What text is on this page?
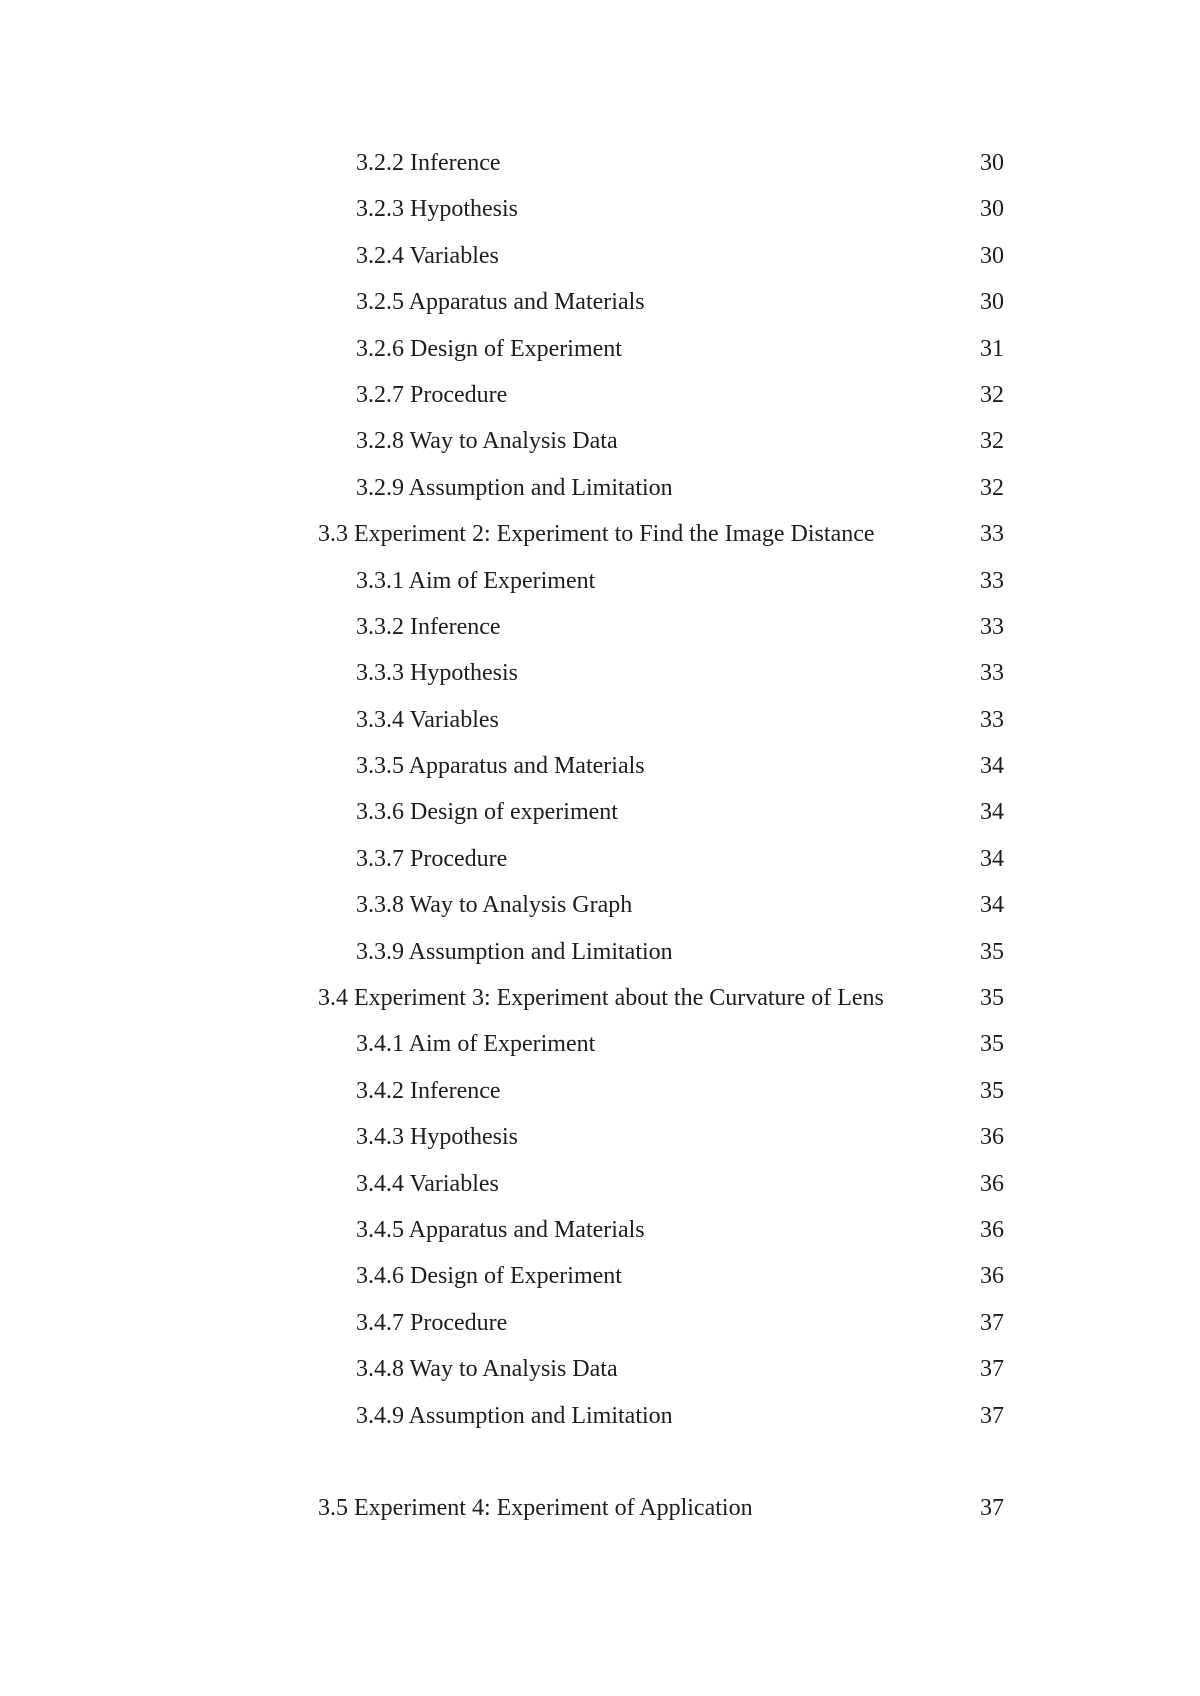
3.2.2 Inference	30
3.2.3 Hypothesis	30
3.2.4 Variables	30
3.2.5 Apparatus and Materials	30
3.2.6 Design of Experiment	31
3.2.7 Procedure	32
3.2.8 Way to Analysis Data	32
3.2.9 Assumption and Limitation	32
3.3 Experiment 2: Experiment to Find the Image Distance	33
3.3.1 Aim of Experiment	33
3.3.2 Inference	33
3.3.3 Hypothesis	33
3.3.4 Variables	33
3.3.5 Apparatus and Materials	34
3.3.6 Design of experiment	34
3.3.7 Procedure	34
3.3.8 Way to Analysis Graph	34
3.3.9 Assumption and Limitation	35
3.4 Experiment 3: Experiment about the Curvature of Lens	35
3.4.1 Aim of Experiment	35
3.4.2 Inference	35
3.4.3 Hypothesis	36
3.4.4 Variables	36
3.4.5 Apparatus and Materials	36
3.4.6 Design of Experiment	36
3.4.7 Procedure	37
3.4.8 Way to Analysis Data	37
3.4.9 Assumption and Limitation	37
3.5 Experiment 4: Experiment of Application	37
